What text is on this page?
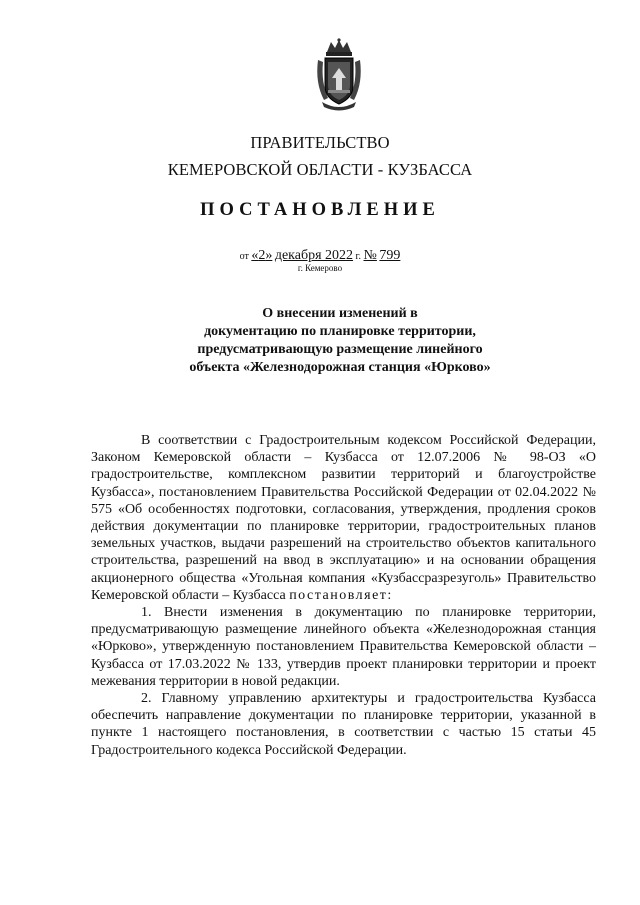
ПРАВИТЕЛЬСТВО
КЕМЕРОВСКОЙ ОБЛАСТИ - КУЗБАССА
ПОСТАНОВЛЕНИЕ
от «2» декабря 2022 г. № 799
г. Кемерово
О внесении изменений в
документацию по планировке территории,
предусматривающую размещение линейного
объекта «Железнодорожная станция «Юрково»

В соответствии с Градостроительным кодексом Российской Федерации, Законом Кемеровской области – Кузбасса от 12.07.2006 № 98-ОЗ «О градостроительстве, комплексном развитии территорий и благоустройстве Кузбасса», постановлением Правительства Российской Федерации от 02.04.2022 № 575 «Об особенностях подготовки, согласования, утверждения, продления сроков действия документации по планировке территории, градостроительных планов земельных участков, выдачи разрешений на строительство объектов капитального строительства, разрешений на ввод в эксплуатацию» и на основании обращения акционерного общества «Угольная компания «Кузбассразрезуголь» Правительство Кемеровской области – Кузбасса постановляет:

1. Внести изменения в документацию по планировке территории, предусматривающую размещение линейного объекта «Железнодорожная станция «Юрково», утвержденную постановлением Правительства Кемеровской области – Кузбасса от 17.03.2022 № 133, утвердив проект планировки территории и проект межевания территории в новой редакции.

2. Главному управлению архитектуры и градостроительства Кузбасса обеспечить направление документации по планировке территории, указанной в пункте 1 настоящего постановления, в соответствии с частью 15 статьи 45 Градостроительного кодекса Российской Федерации.
